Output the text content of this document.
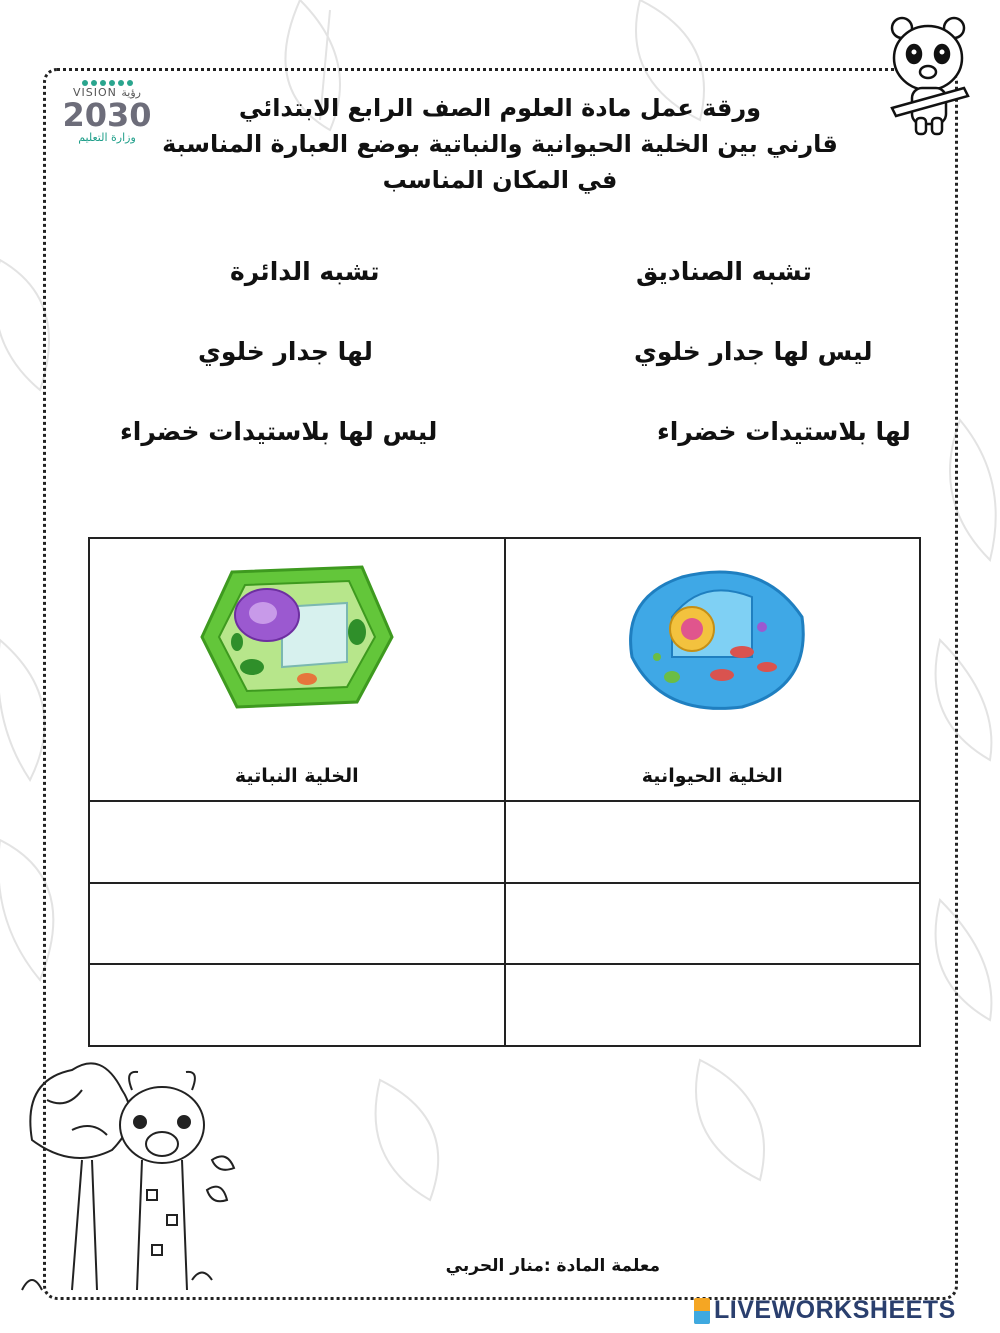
VISION رؤية
2030
وزارة التعليم
ورقة عمل مادة العلوم الصف الرابع الابتدائي
قارني بين الخلية الحيوانية والنباتية بوضع العبارة المناسبة
في المكان المناسب
تشبه الصناديق
تشبه الدائرة
ليس لها جدار خلوي
لها جدار خلوي
لها بلاستيدات خضراء
ليس لها بلاستيدات خضراء
الخلية الحيوانية	الخلية النباتية

معلمة المادة :منار الحربي
LIVEWORKSHEETS
